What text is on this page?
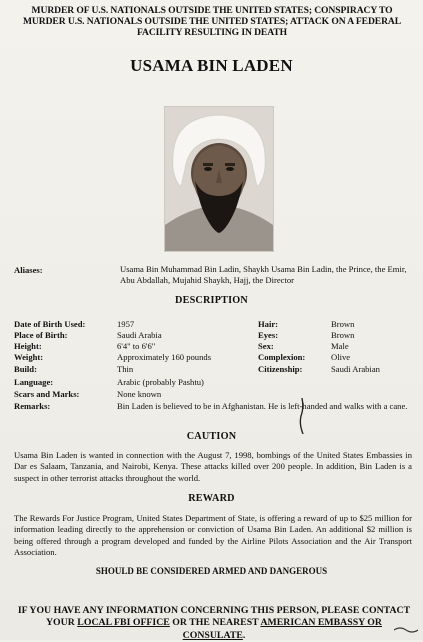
MURDER OF U.S. NATIONALS OUTSIDE THE UNITED STATES; CONSPIRACY TO
MURDER U.S. NATIONALS OUTSIDE THE UNITED STATES; ATTACK ON A FEDERAL
FACILITY RESULTING IN DEATH
USAMA BIN LADEN
Aliases:	Usama Bin Muhammad Bin Ladin, Shaykh Usama Bin Ladin, the Prince, the Emir, Abu Abdallah, Mujahid Shaykh, Hajj, the Director
DESCRIPTION
Date of Birth Used:	1957
Place of Birth:	Saudi Arabia
Height:	6'4" to 6'6"
Weight:	Approximately 160 pounds
Build:	Thin
Language:	Arabic (probably Pashtu)
Scars and Marks:	None known
Hair:	Brown
Eyes:	Brown
Sex:	Male
Complexion:	Olive
Citizenship:	Saudi Arabian
Remarks:	Bin Laden is believed to be in Afghanistan. He is left-handed and walks with a cane.
CAUTION
Usama Bin Laden is wanted in connection with the August 7, 1998, bombings of the United States Embassies in Dar es Salaam, Tanzania, and Nairobi, Kenya. These attacks killed over 200 people. In addition, Bin Laden is a suspect in other terrorist attacks throughout the world.
REWARD
The Rewards For Justice Program, United States Department of State, is offering a reward of up to $25 million for information leading directly to the apprehension or conviction of Usama Bin Laden. An additional $2 million is being offered through a program developed and funded by the Airline Pilots Association and the Air Transport Association.
SHOULD BE CONSIDERED ARMED AND DANGEROUS
IF YOU HAVE ANY INFORMATION CONCERNING THIS PERSON, PLEASE CONTACT
YOUR LOCAL FBI OFFICE OR THE NEAREST AMERICAN EMBASSY OR CONSULATE.
